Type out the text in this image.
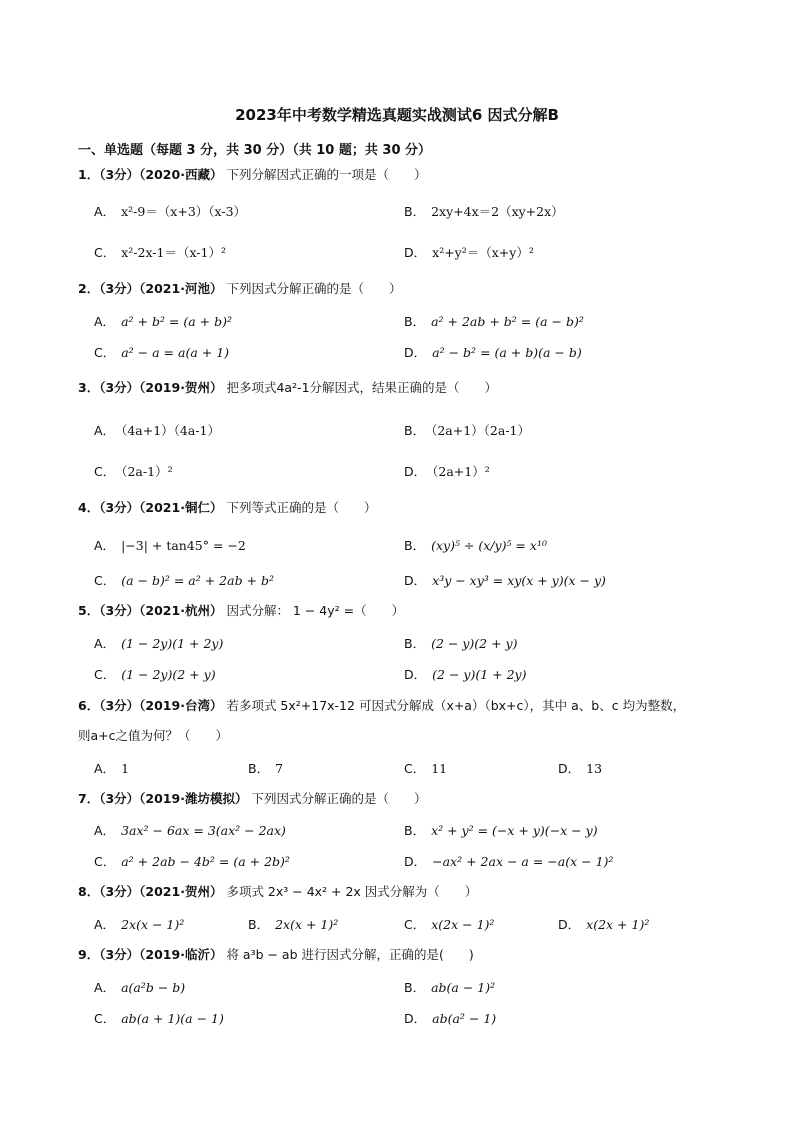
2023年中考数学精选真题实战测试6 因式分解B
一、单选题（每题 3 分，共 30 分）（共 10 题；共 30 分）
1．（3分）（2020·西藏） 下列分解因式正确的一项是（　　）
A． x²-9＝（x+3）（x-3）	B． 2xy+4x＝2（xy+2x）
C． x²-2x-1＝（x-1）²	D． x²+y²＝（x+y）²
2．（3分）（2021·河池） 下列因式分解正确的是（　　）
A． a² + b² = (a + b)²	B． a² + 2ab + b² = (a − b)²
C． a² − a = a(a + 1)	D． a² − b² = (a + b)(a − b)
3．（3分）（2019·贺州） 把多项式4a²-1分解因式，结果正确的是（　　）
A． （4a+1）（4a-1）	B． （2a+1）（2a-1）
C． （2a-1）²	D． （2a+1）²
4．（3分）（2021·铜仁） 下列等式正确的是（　　）
A． |−3| + tan45° = −2	B． (xy)⁵ ÷ (x/y)⁵ = x¹⁰
C． (a − b)² = a² + 2ab + b²	D． x³y − xy³ = xy(x + y)(x − y)
5．（3分）（2021·杭州） 因式分解： 1 − 4y² =（　　）
A． (1 − 2y)(1 + 2y)	B． (2 − y)(2 + y)
C． (1 − 2y)(2 + y)	D． (2 − y)(1 + 2y)
6．（3分）（2019·台湾） 若多项式 5x²+17x-12 可因式分解成（x+a）（bx+c），其中 a、b、c 均为整数，
则a+c之值为何？（　　）
A． 1	B． 7	C． 11	D． 13
7．（3分）（2019·潍坊模拟） 下列因式分解正确的是（　　）
A． 3ax² − 6ax = 3(ax² − 2ax)	B． x² + y² = (−x + y)(−x − y)
C． a² + 2ab − 4b² = (a + 2b)²	D． −ax² + 2ax − a = −a(x − 1)²
8．（3分）（2021·贺州） 多项式 2x³ − 4x² + 2x 因式分解为（　　）
A． 2x(x − 1)²	B． 2x(x + 1)²	C． x(2x − 1)²	D． x(2x + 1)²
9．（3分）（2019·临沂） 将 a³b − ab 进行因式分解，正确的是(　　)
A． a(a²b − b)	B． ab(a − 1)²
C． ab(a + 1)(a − 1)	D． ab(a² − 1)
